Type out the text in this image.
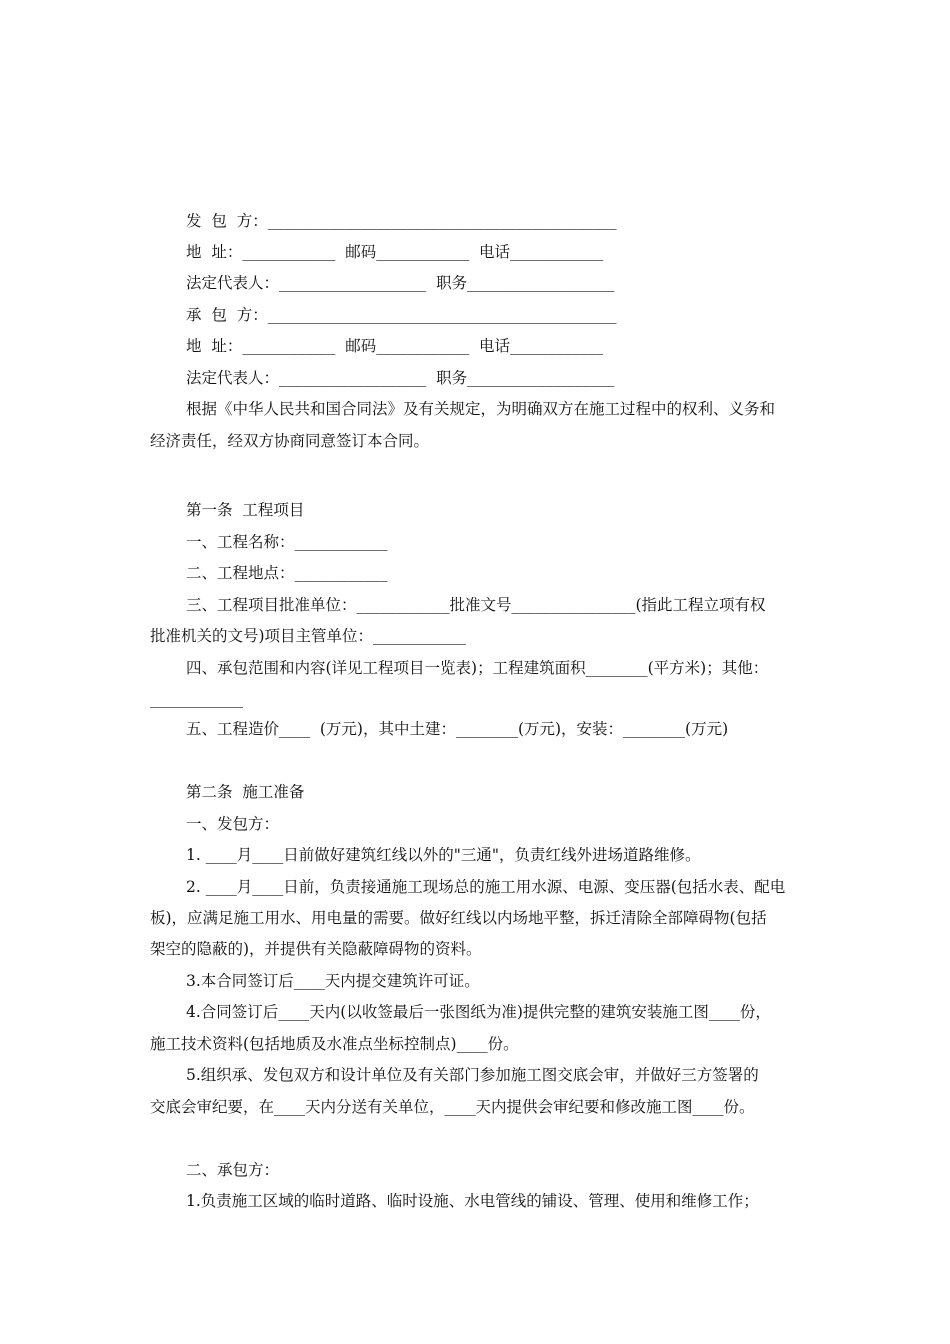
发  包  方：_____________________________________________
地  址：____________  邮码____________  电话____________
法定代表人：___________________  职务___________________
承  包  方：_____________________________________________
地  址：____________  邮码____________  电话____________
法定代表人：___________________  职务___________________
根据《中华人民共和国合同法》及有关规定，为明确双方在施工过程中的权利、义务和
经济责任，经双方协商同意签订本合同。
第一条  工程项目
一、工程名称：____________
二、工程地点：____________
三、工程项目批准单位：____________批准文号________________(指此工程立项有权
批准机关的文号)项目主管单位：____________
四、承包范围和内容(详见工程项目一览表)；工程建筑面积________(平方米)；其他：
____________
五、工程造价____  (万元)，其中土建：________(万元)，安装：________(万元)
第二条  施工准备
一、发包方：
1. ____月____日前做好建筑红线以外的"三通"，负责红线外进场道路维修。
2. ____月____日前，负责接通施工现场总的施工用水源、电源、变压器(包括水表、配电
板)，应满足施工用水、用电量的需要。做好红线以内场地平整，拆迁清除全部障碍物(包括
架空的隐蔽的)，并提供有关隐蔽障碍物的资料。
3.本合同签订后____天内提交建筑许可证。
4.合同签订后____天内(以收签最后一张图纸为准)提供完整的建筑安装施工图____份，
施工技术资料(包括地质及水准点坐标控制点)____份。
5.组织承、发包双方和设计单位及有关部门参加施工图交底会审，并做好三方签署的
交底会审纪要，在____天内分送有关单位，____天内提供会审纪要和修改施工图____份。
二、承包方：
1.负责施工区域的临时道路、临时设施、水电管线的铺设、管理、使用和维修工作；
